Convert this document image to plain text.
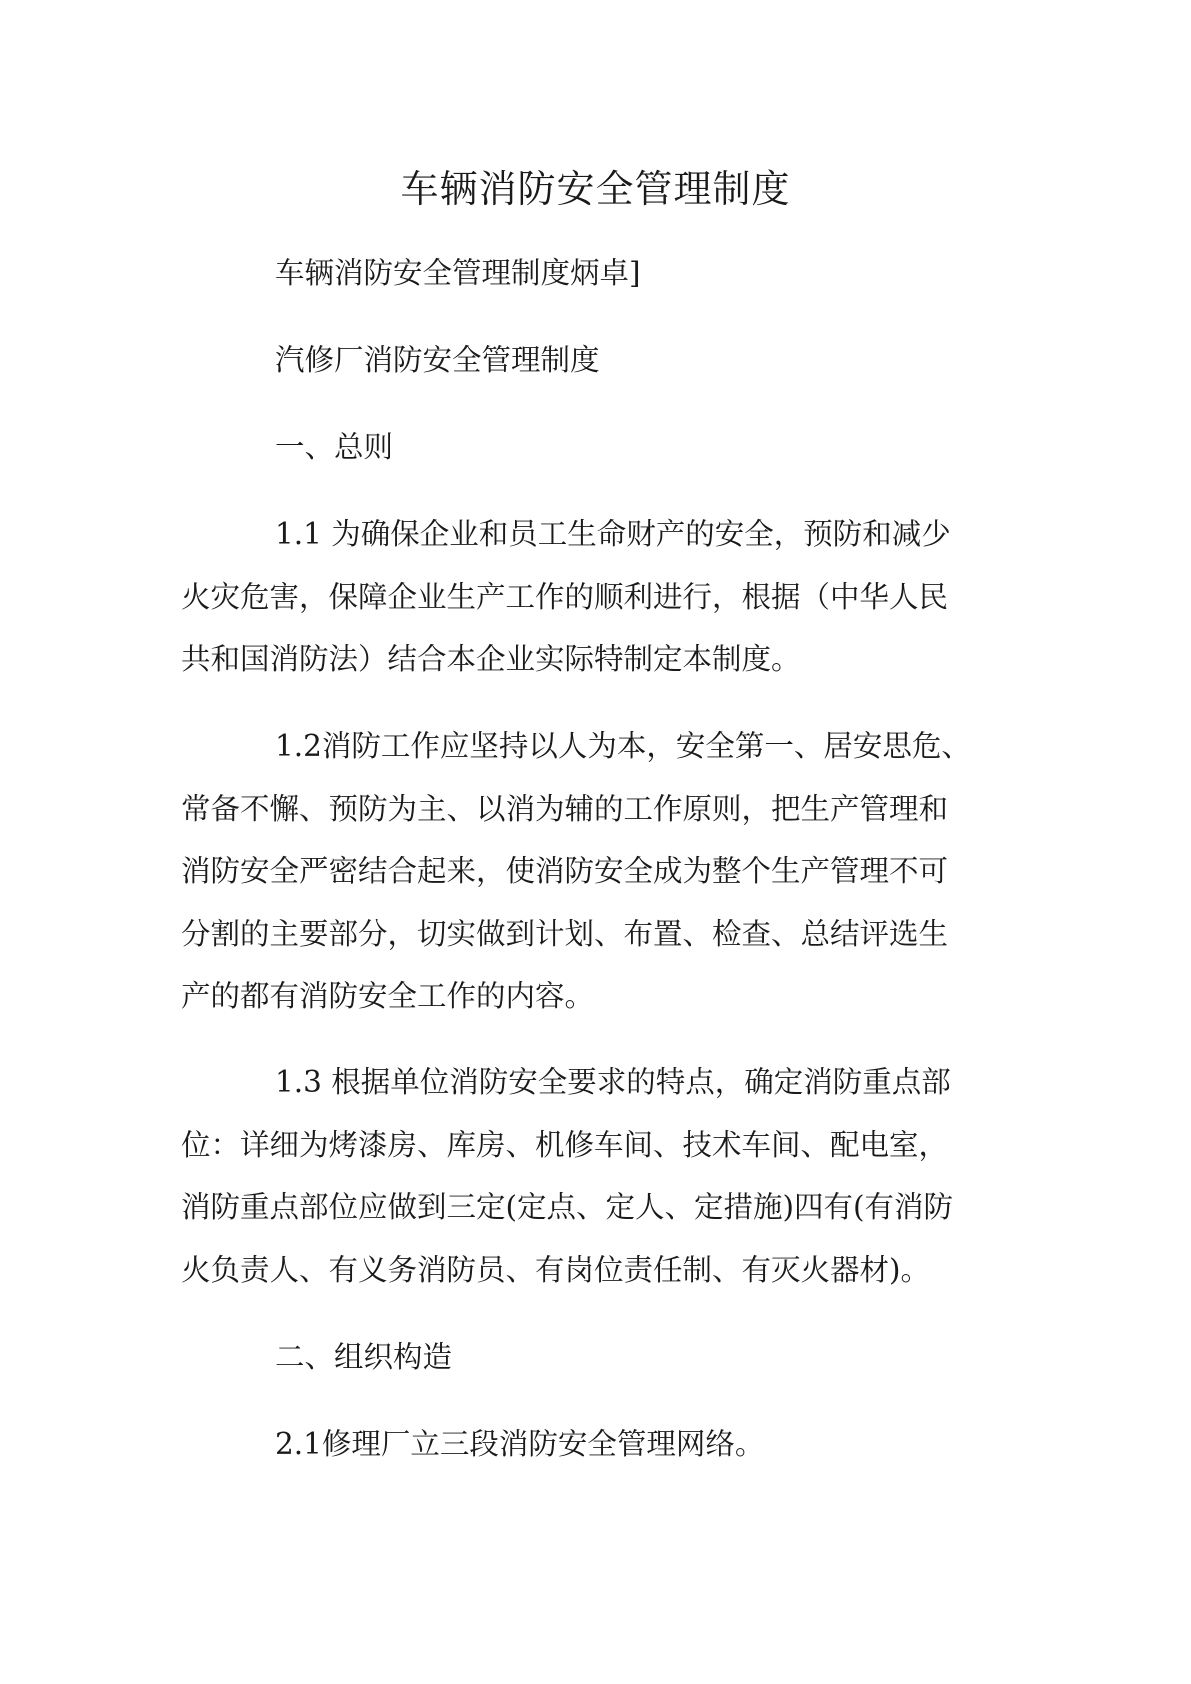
车辆消防安全管理制度
车辆消防安全管理制度炳卓]
汽修厂消防安全管理制度
一、总则
1.1 为确保企业和员工生命财产的安全，预防和减少
火灾危害，保障企业生产工作的顺利进行，根据（中华人民
共和国消防法）结合本企业实际特制定本制度。
1.2消防工作应坚持以人为本，安全第一、居安思危、
常备不懈、预防为主、以消为辅的工作原则，把生产管理和
消防安全严密结合起来，使消防安全成为整个生产管理不可
分割的主要部分，切实做到计划、布置、检查、总结评选生
产的都有消防安全工作的内容。
1.3 根据单位消防安全要求的特点，确定消防重点部
位：详细为烤漆房、库房、机修车间、技术车间、配电室，
消防重点部位应做到三定(定点、定人、定措施)四有(有消防
火负责人、有义务消防员、有岗位责任制、有灭火器材)。
二、组织构造
2.1修理厂立三段消防安全管理网络。
